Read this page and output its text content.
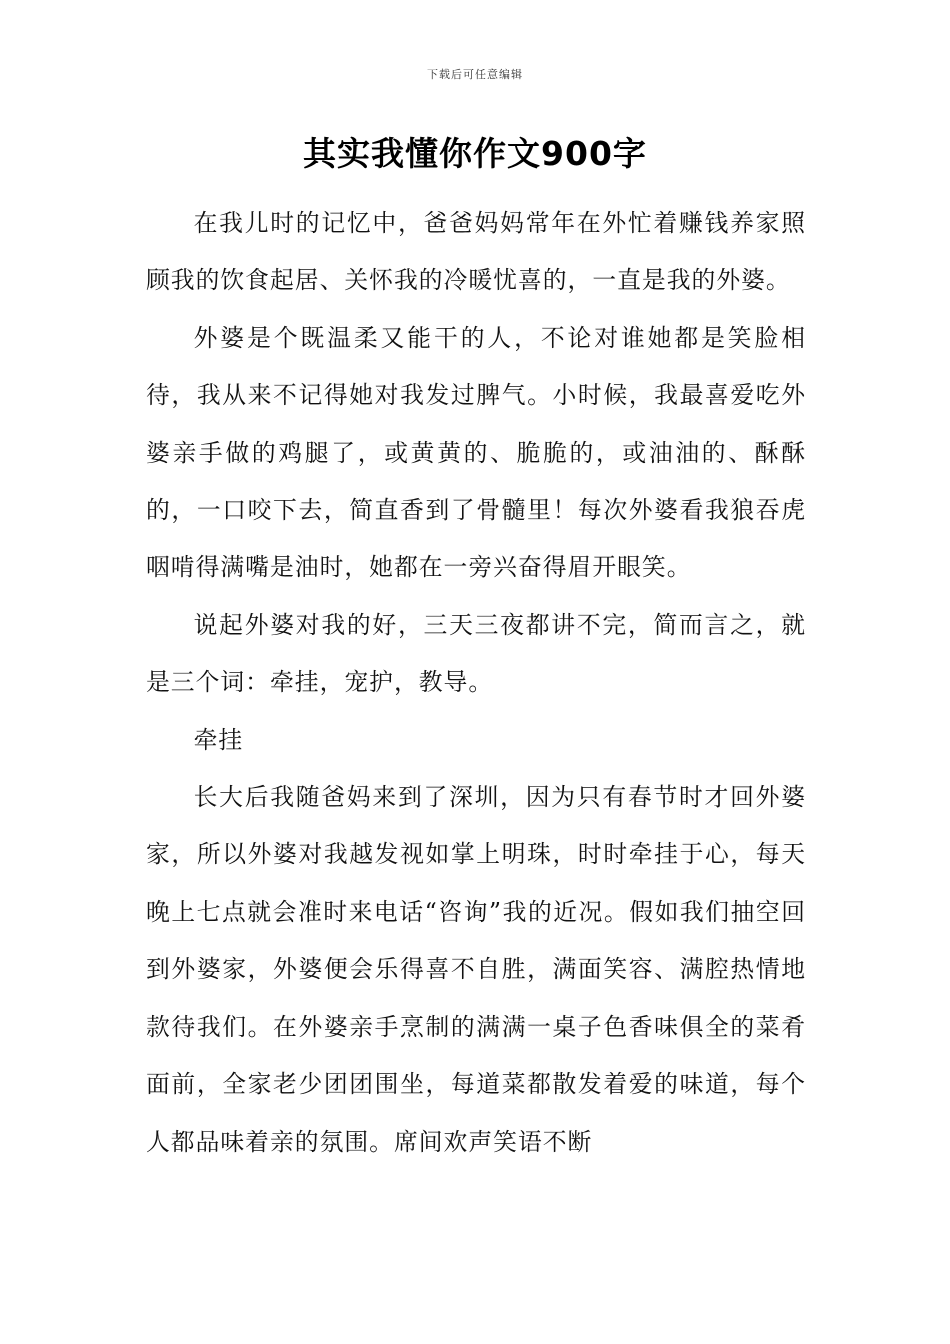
下载后可任意编辑
其实我懂你作文900字

在我儿时的记忆中，爸爸妈妈常年在外忙着赚钱养家照顾我的饮食起居、关怀我的冷暖忧喜的，一直是我的外婆。

外婆是个既温柔又能干的人，不论对谁她都是笑脸相待，我从来不记得她对我发过脾气。小时候，我最喜爱吃外婆亲手做的鸡腿了，或黄黄的、脆脆的，或油油的、酥酥的，一口咬下去，简直香到了骨髓里！每次外婆看我狼吞虎咽啃得满嘴是油时，她都在一旁兴奋得眉开眼笑。

说起外婆对我的好，三天三夜都讲不完，简而言之，就是三个词：牵挂，宠护，教导。

牵挂

长大后我随爸妈来到了深圳，因为只有春节时才回外婆家，所以外婆对我越发视如掌上明珠，时时牵挂于心，每天晚上七点就会准时来电话“咨询”我的近况。假如我们抽空回到外婆家，外婆便会乐得喜不自胜，满面笑容、满腔热情地款待我们。在外婆亲手烹制的满满一桌子色香味俱全的菜肴面前，全家老少团团围坐，每道菜都散发着爱的味道，每个人都品味着亲的氛围。席间欢声笑语不断
